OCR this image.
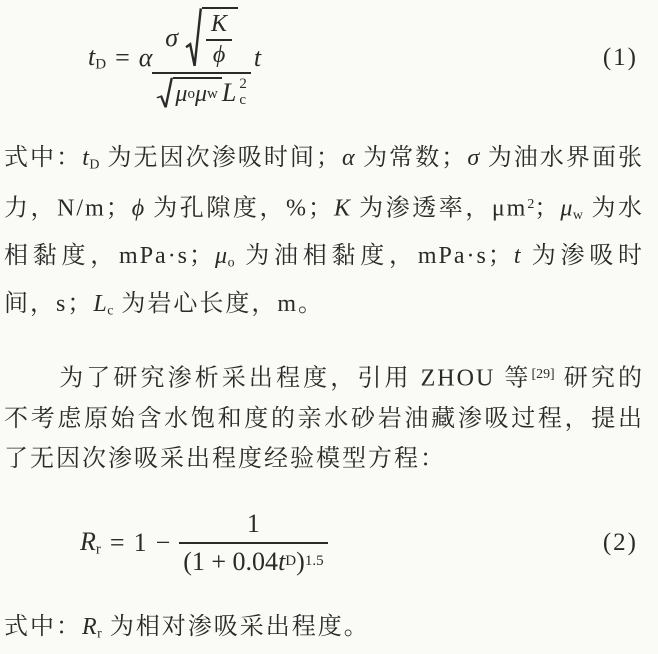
$t_D = \alpha$
σ $\frac{K}{\phi}$
μ o μ w L 2
c
t	(1)

式中：tD 为无因次渗吸时间；α 为常数；σ 为油水界面张力，N/m；ϕ 为孔隙度，%；K 为渗透率，$\mu m^2$；μw 为水相黏度，mPa·s；μo 为油相黏度，mPa·s；t 为渗吸时间，s；Lc 为岩心长度，m。

为了研究渗析采出程度，引用 ZHOU 等[29] 研究的不考虑原始含水饱和度的亲水砂岩油藏渗吸过程，提出了无因次渗吸采出程度经验模型方程：

$R_r = 1 - \frac{1}{\text{(1 + 0.04 t D ) 1.5}}$	(2)

式中：Rr 为相对渗吸采出程度。
